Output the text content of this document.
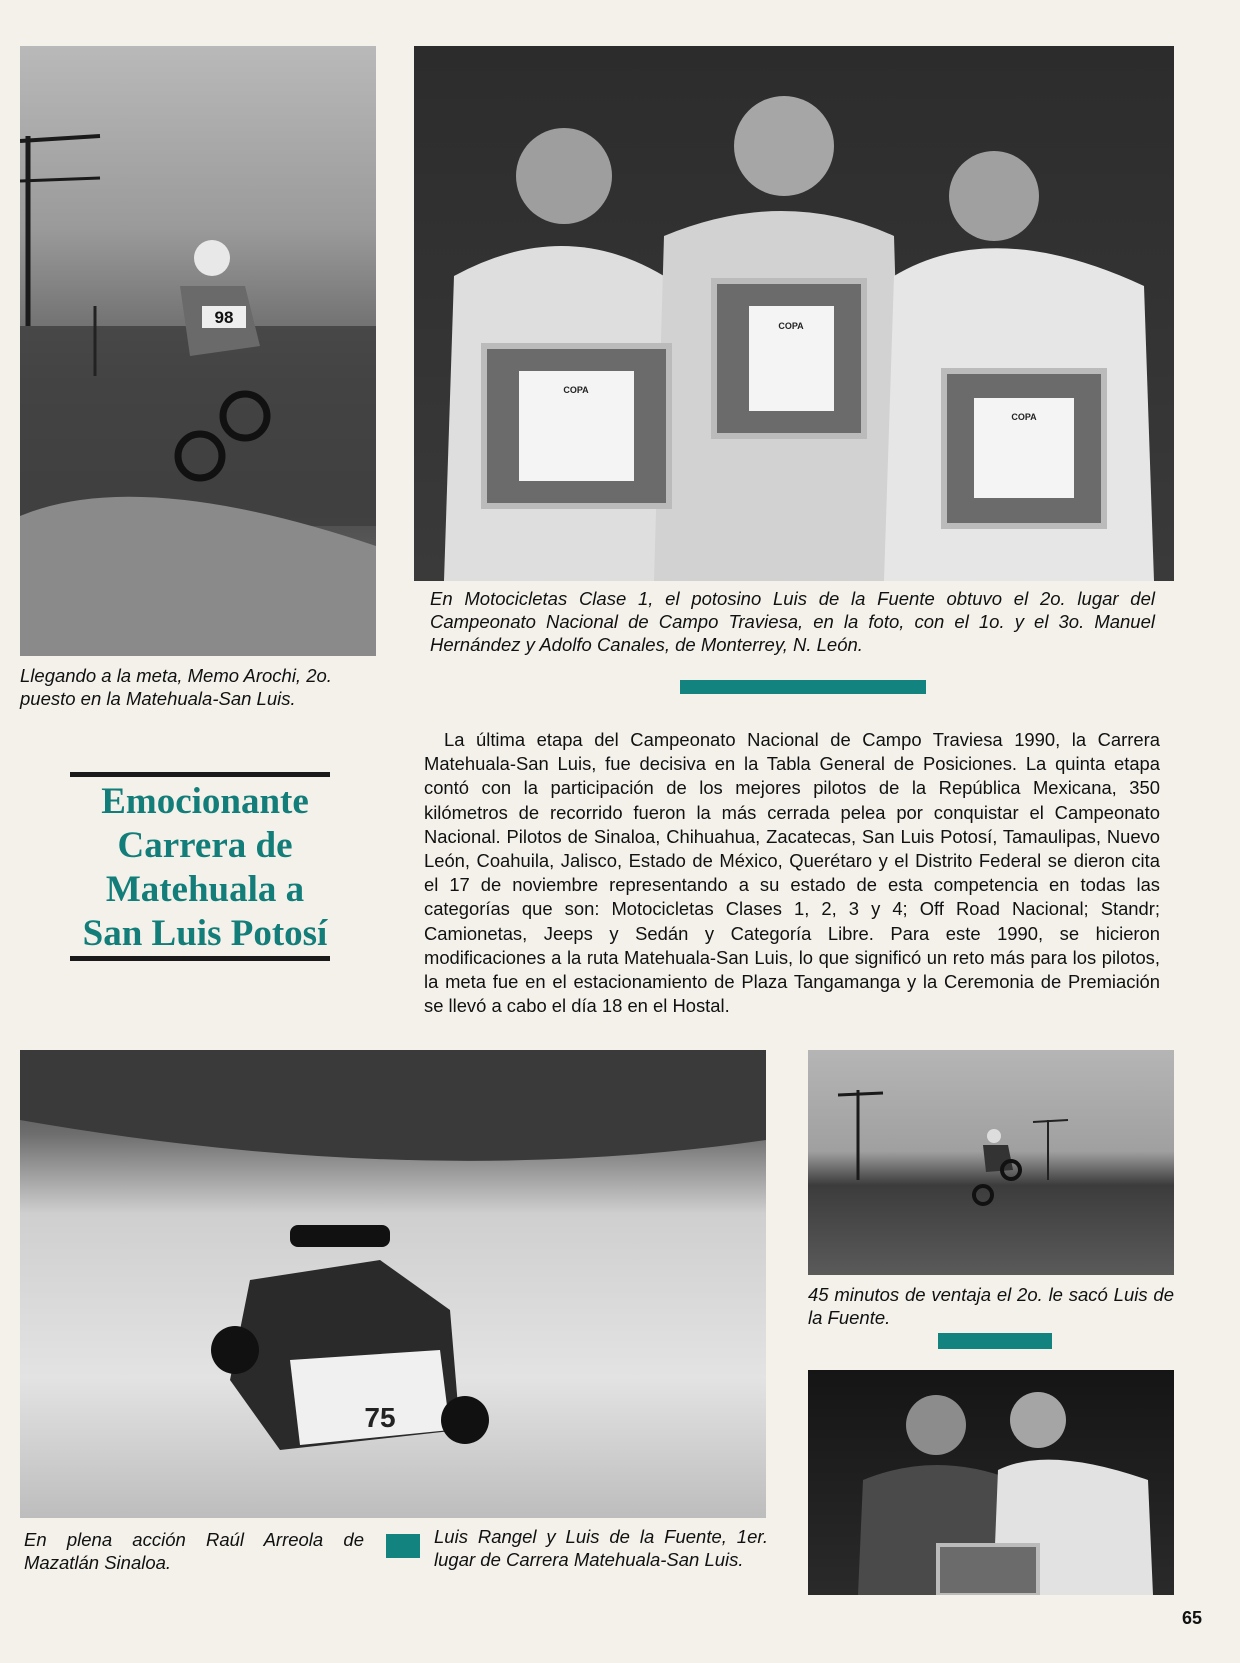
98
COPA
COPA
COPA
En Motocicletas Clase 1, el potosino Luis de la Fuente obtuvo el 2o. lugar del Campeonato Nacional de Campo Traviesa, en la foto, con el 1o. y el 3o. Manuel Hernández y Adolfo Canales, de Monterrey, N. León.
Llegando a la meta, Memo Arochi, 2o. puesto en la Matehuala-San Luis.
Emocionante
Carrera de
Matehuala a
San Luis Potosí
La última etapa del Campeonato Nacional de Campo Traviesa 1990, la Carrera Matehuala-San Luis, fue decisiva en la Tabla General de Posiciones. La quinta etapa contó con la participación de los mejores pilotos de la República Mexicana, 350 kilómetros de recorrido fueron la más cerrada pelea por conquistar el Campeonato Nacional. Pilotos de Sinaloa, Chihuahua, Zacatecas, San Luis Potosí, Tamaulipas, Nuevo León, Coahuila, Jalisco, Estado de México, Querétaro y el Distrito Federal se dieron cita el 17 de noviembre representando a su estado de esta competencia en todas las categorías que son: Motocicletas Clases 1, 2, 3 y 4; Off Road Nacional; Standr; Camionetas, Jeeps y Sedán y Categoría Libre. Para este 1990, se hicieron modificaciones a la ruta Matehuala-San Luis, lo que significó un reto más para los pilotos, la meta fue en el estacionamiento de Plaza Tangamanga y la Ceremonia de Premiación se llevó a cabo el día 18 en el Hostal.
75
45 minutos de ventaja el 2o. le sacó Luis de la Fuente.
En plena acción Raúl Arreola de Mazatlán Sinaloa.
Luis Rangel y Luis de la Fuente, 1er. lugar de Carrera Matehuala-San Luis.
65
